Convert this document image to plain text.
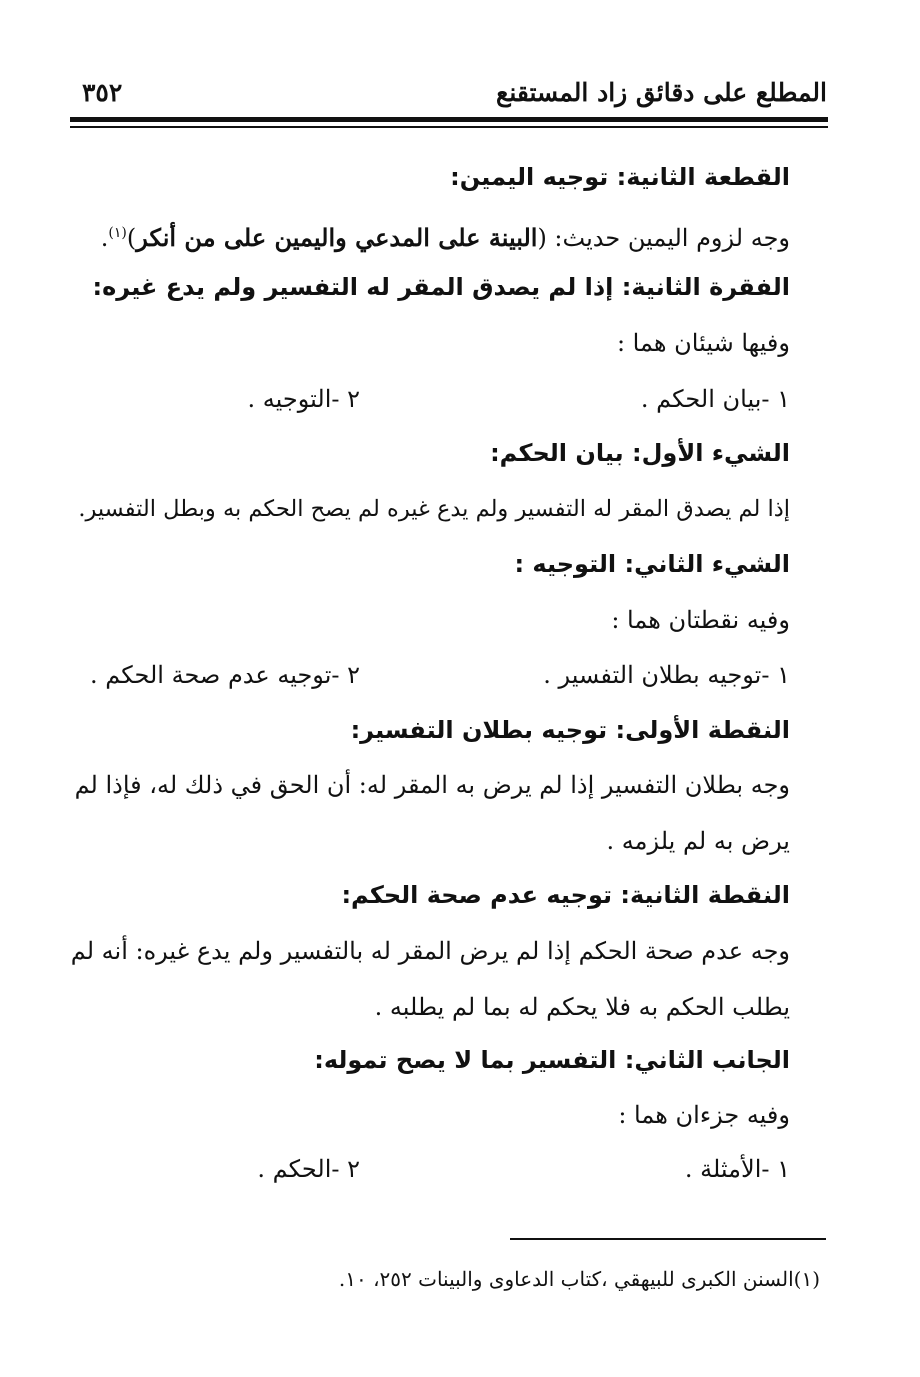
المطلع على دقائق زاد المستقنع
٣٥٢
القطعة الثانية: توجيه اليمين:
وجه لزوم اليمين حديث: (البينة على المدعي واليمين على من أنكر)$^{(١)}$.
الفقرة الثانية: إذا لم يصدق المقر له التفسير ولم يدع غيره:
وفيها شيئان هما :
١ -بيان الحكم .
٢ -التوجيه .
الشيء الأول: بيان الحكم:
إذا لم يصدق المقر له التفسير ولم يدع غيره لم يصح الحكم به وبطل التفسير.
الشيء الثاني: التوجيه :
وفيه نقطتان هما :
١ -توجيه بطلان التفسير .
٢ -توجيه عدم صحة الحكم .
النقطة الأولى: توجيه بطلان التفسير:
وجه بطلان التفسير إذا لم يرض به المقر له: أن الحق في ذلك له، فإذا لم
يرض به لم يلزمه .
النقطة الثانية: توجيه عدم صحة الحكم:
وجه عدم صحة الحكم إذا لم يرض المقر له بالتفسير ولم يدع غيره: أنه لم
يطلب الحكم به فلا يحكم له بما لم يطلبه .
الجانب الثاني: التفسير بما لا يصح تموله:
وفيه جزءان هما :
١ -الأمثلة .
٢ -الحكم .
(١)السنن الكبرى للبيهقي ،كتاب الدعاوى والبينات ٢٥٢، ١٠.
